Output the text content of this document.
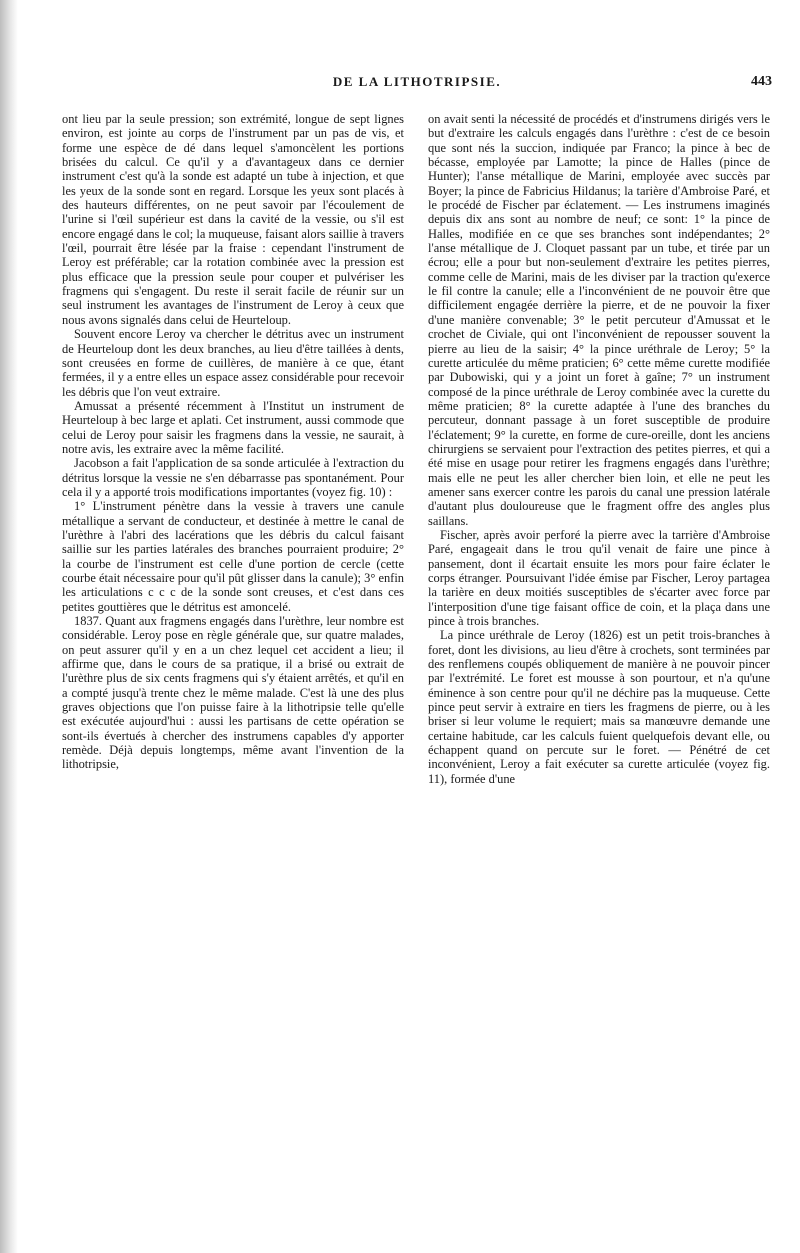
DE LA LITHOTRIPSIE.	443

ont lieu par la seule pression; son extrémité, longue de sept lignes environ, est jointe au corps de l'instrument par un pas de vis, et forme une espèce de dé dans lequel s'amoncèlent les portions brisées du calcul. Ce qu'il y a d'avantageux dans ce dernier instrument c'est qu'à la sonde est adapté un tube à injection, et que les yeux de la sonde sont en regard. Lorsque les yeux sont placés à des hauteurs différentes, on ne peut savoir par l'écoulement de l'urine si l'œil supérieur est dans la cavité de la vessie, ou s'il est encore engagé dans le col; la muqueuse, faisant alors saillie à travers l'œil, pourrait être lésée par la fraise : cependant l'instrument de Leroy est préférable; car la rotation combinée avec la pression est plus efficace que la pression seule pour couper et pulvériser les fragmens qui s'engagent. Du reste il serait facile de réunir sur un seul instrument les avantages de l'instrument de Leroy à ceux que nous avons signalés dans celui de Heurteloup.

Souvent encore Leroy va chercher le détritus avec un instrument de Heurteloup dont les deux branches, au lieu d'être taillées à dents, sont creusées en forme de cuillères, de manière à ce que, étant fermées, il y a entre elles un espace assez considérable pour recevoir les débris que l'on veut extraire.

Amussat a présenté récemment à l'Institut un instrument de Heurteloup à bec large et aplati. Cet instrument, aussi commode que celui de Leroy pour saisir les fragmens dans la vessie, ne saurait, à notre avis, les extraire avec la même facilité.

Jacobson a fait l'application de sa sonde articulée à l'extraction du détritus lorsque la vessie ne s'en débarrasse pas spontanément. Pour cela il y a apporté trois modifications importantes (voyez fig. 10) :

1° L'instrument pénètre dans la vessie à travers une canule métallique a servant de conducteur, et destinée à mettre le canal de l'urèthre à l'abri des lacérations que les débris du calcul faisant saillie sur les parties latérales des branches pourraient produire; 2° la courbe de l'instrument est celle d'une portion de cercle (cette courbe était nécessaire pour qu'il pût glisser dans la canule); 3° enfin les articulations c c c de la sonde sont creuses, et c'est dans ces petites gouttières que le détritus est amoncelé.

1837. Quant aux fragmens engagés dans l'urèthre, leur nombre est considérable. Leroy pose en règle générale que, sur quatre malades, on peut assurer qu'il y en a un chez lequel cet accident a lieu; il affirme que, dans le cours de sa pratique, il a brisé ou extrait de l'urèthre plus de six cents fragmens qui s'y étaient arrêtés, et qu'il en a compté jusqu'à trente chez le même malade. C'est là une des plus graves objections que l'on puisse faire à la lithotripsie telle qu'elle est exécutée aujourd'hui : aussi les partisans de cette opération se sont-ils évertués à chercher des instrumens capables d'y apporter remède. Déjà depuis longtemps, même avant l'invention de la lithotripsie,

on avait senti la nécessité de procédés et d'instrumens dirigés vers le but d'extraire les calculs engagés dans l'urèthre : c'est de ce besoin que sont nés la succion, indiquée par Franco; la pince à bec de bécasse, employée par Lamotte; la pince de Halles (pince de Hunter); l'anse métallique de Marini, employée avec succès par Boyer; la pince de Fabricius Hildanus; la tarière d'Ambroise Paré, et le procédé de Fischer par éclatement. — Les instrumens imaginés depuis dix ans sont au nombre de neuf; ce sont: 1° la pince de Halles, modifiée en ce que ses branches sont indépendantes; 2° l'anse métallique de J. Cloquet passant par un tube, et tirée par un écrou; elle a pour but non-seulement d'extraire les petites pierres, comme celle de Marini, mais de les diviser par la traction qu'exerce le fil contre la canule; elle a l'inconvénient de ne pouvoir être que difficilement engagée derrière la pierre, et de ne pouvoir la fixer d'une manière convenable; 3° le petit percuteur d'Amussat et le crochet de Civiale, qui ont l'inconvénient de repousser souvent la pierre au lieu de la saisir; 4° la pince uréthrale de Leroy; 5° la curette articulée du même praticien; 6° cette même curette modifiée par Dubowiski, qui y a joint un foret à gaîne; 7° un instrument composé de la pince uréthrale de Leroy combinée avec la curette du même praticien; 8° la curette adaptée à l'une des branches du percuteur, donnant passage à un foret susceptible de produire l'éclatement; 9° la curette, en forme de cure-oreille, dont les anciens chirurgiens se servaient pour l'extraction des petites pierres, et qui a été mise en usage pour retirer les fragmens engagés dans l'urèthre; mais elle ne peut les aller chercher bien loin, et elle ne peut les amener sans exercer contre les parois du canal une pression latérale d'autant plus douloureuse que le fragment offre des angles plus saillans.

Fischer, après avoir perforé la pierre avec la tarrière d'Ambroise Paré, engageait dans le trou qu'il venait de faire une pince à pansement, dont il écartait ensuite les mors pour faire éclater le corps étranger. Poursuivant l'idée émise par Fischer, Leroy partagea la tarière en deux moitiés susceptibles de s'écarter avec force par l'interposition d'une tige faisant office de coin, et la plaça dans une pince à trois branches.

La pince uréthrale de Leroy (1826) est un petit trois-branches à foret, dont les divisions, au lieu d'être à crochets, sont terminées par des renflemens coupés obliquement de manière à ne pouvoir pincer par l'extrémité. Le foret est mousse à son pourtour, et n'a qu'une éminence à son centre pour qu'il ne déchire pas la muqueuse. Cette pince peut servir à extraire en tiers les fragmens de pierre, ou à les briser si leur volume le requiert; mais sa manœuvre demande une certaine habitude, car les calculs fuient quelquefois devant elle, ou échappent quand on percute sur le foret. — Pénétré de cet inconvénient, Leroy a fait exécuter sa curette articulée (voyez fig. 11), formée d'une
